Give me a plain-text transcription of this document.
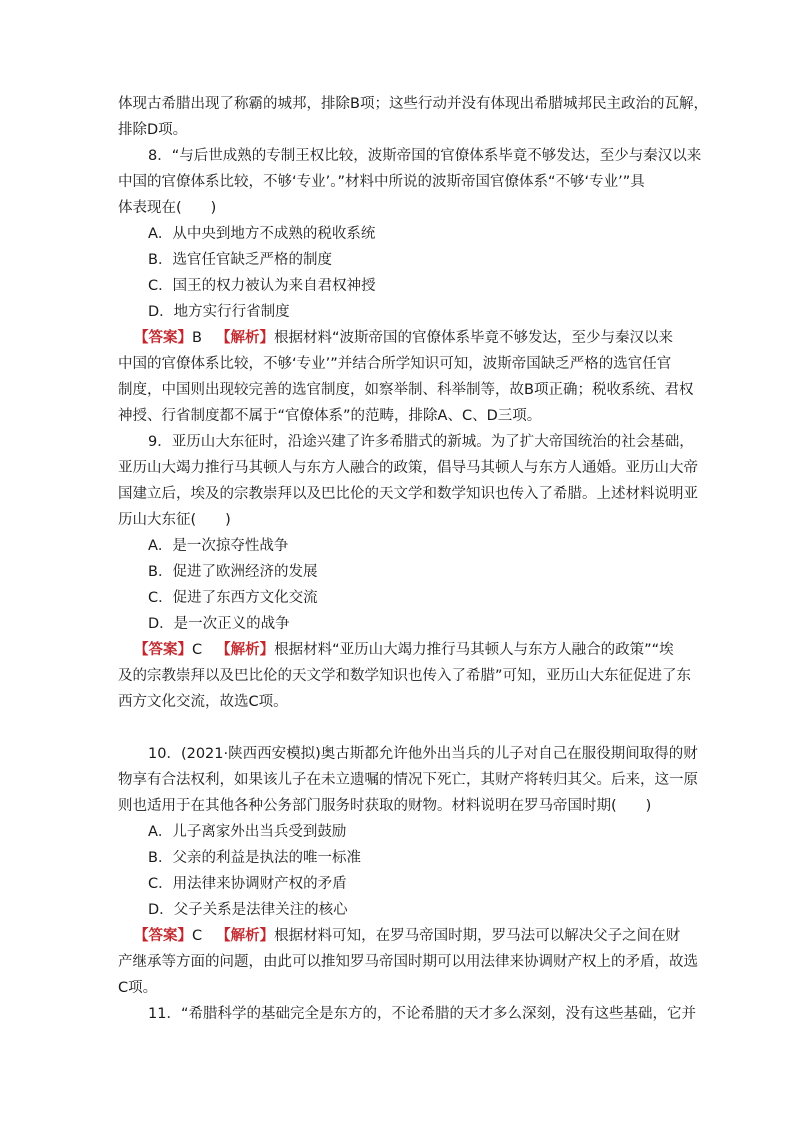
体现古希腊出现了称霸的城邦，排除B项；这些行动并没有体现出希腊城邦民主政治的瓦解，
排除D项。
8．“与后世成熟的专制王权比较，波斯帝国的官僚体系毕竟不够发达，至少与秦汉以来
中国的官僚体系比较，不够‘专业’。”材料中所说的波斯帝国官僚体系“不够‘专业’”具
体表现在(　　)
A．从中央到地方不成熟的税收系统
B．选官任官缺乏严格的制度
C．国王的权力被认为来自君权神授
D．地方实行行省制度
【答案】B 【解析】根据材料“波斯帝国的官僚体系毕竟不够发达，至少与秦汉以来
中国的官僚体系比较，不够‘专业’”并结合所学知识可知，波斯帝国缺乏严格的选官任官
制度，中国则出现较完善的选官制度，如察举制、科举制等，故B项正确；税收系统、君权
神授、行省制度都不属于“官僚体系”的范畴，排除A、C、D三项。
9．亚历山大东征时，沿途兴建了许多希腊式的新城。为了扩大帝国统治的社会基础，
亚历山大竭力推行马其顿人与东方人融合的政策，倡导马其顿人与东方人通婚。亚历山大帝
国建立后，埃及的宗教崇拜以及巴比伦的天文学和数学知识也传入了希腊。上述材料说明亚
历山大东征(　　)
A．是一次掠夺性战争
B．促进了欧洲经济的发展
C．促进了东西方文化交流
D．是一次正义的战争
【答案】C 【解析】根据材料“亚历山大竭力推行马其顿人与东方人融合的政策”“埃
及的宗教崇拜以及巴比伦的天文学和数学知识也传入了希腊”可知，亚历山大东征促进了东
西方文化交流，故选C项。
10．(2021·陕西西安模拟)奥古斯都允许他外出当兵的儿子对自己在服役期间取得的财
物享有合法权利，如果该儿子在未立遗嘱的情况下死亡，其财产将转归其父。后来，这一原
则也适用于在其他各种公务部门服务时获取的财物。材料说明在罗马帝国时期(　　)
A．儿子离家外出当兵受到鼓励
B．父亲的利益是执法的唯一标准
C．用法律来协调财产权的矛盾
D．父子关系是法律关注的核心
【答案】C 【解析】根据材料可知，在罗马帝国时期，罗马法可以解决父子之间在财
产继承等方面的问题，由此可以推知罗马帝国时期可以用法律来协调财产权上的矛盾，故选
C项。
11．“希腊科学的基础完全是东方的，不论希腊的天才多么深刻，没有这些基础，它并
